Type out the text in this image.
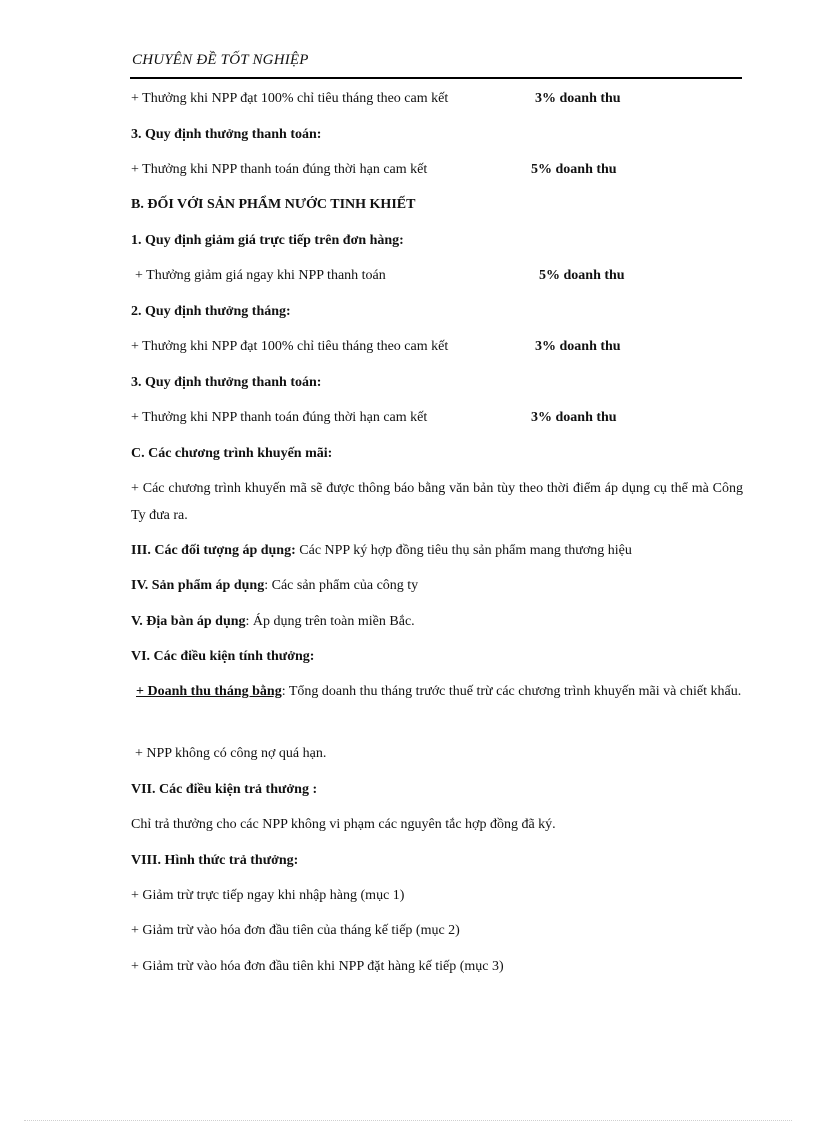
CHUYÊN ĐỀ TỐT NGHIỆP
+ Thưởng khi NPP đạt 100% chỉ tiêu tháng theo cam kết	3% doanh thu
3. Quy định thưởng thanh toán:
+ Thưởng khi NPP thanh toán đúng thời hạn cam kết	5% doanh thu
B. ĐỐI VỚI SẢN PHẨM NƯỚC TINH KHIẾT
1. Quy định giảm giá trực tiếp trên đơn hàng:
+ Thưởng giảm giá ngay khi NPP thanh toán	5% doanh thu
2. Quy định thưởng tháng:
+ Thưởng khi NPP đạt 100% chỉ tiêu tháng theo cam kết	3% doanh thu
3. Quy định thưởng thanh toán:
+ Thưởng khi NPP thanh toán đúng thời hạn cam kết	3% doanh thu
C. Các chương trình khuyến mãi:
+ Các chương trình khuyến mã sẽ được thông báo bằng văn bản tùy theo thời điểm áp dụng cụ thể mà Công Ty đưa ra.
III. Các đối tượng áp dụng: Các NPP ký hợp đồng tiêu thụ sản phẩm mang thương hiệu
IV. Sản phẩm áp dụng: Các sản phẩm của công ty
V. Địa bàn áp dụng: Áp dụng trên toàn miền Bắc.
VI. Các điều kiện tính thưởng:
+ Doanh thu tháng bằng: Tổng doanh thu tháng trước thuế trừ các chương trình khuyến mãi và chiết khấu.
+ NPP không có công nợ quá hạn.
VII. Các điều kiện trả thưởng :
Chỉ trả thưởng cho các NPP không vi phạm các nguyên tắc hợp đồng đã ký.
VIII. Hình thức trả thưởng:
+ Giảm trừ trực tiếp ngay khi nhập hàng (mục 1)
+ Giảm trừ vào hóa đơn đầu tiên của tháng kế tiếp (mục 2)
+ Giảm trừ vào hóa đơn đầu tiên khi NPP đặt hàng kế tiếp (mục 3)
